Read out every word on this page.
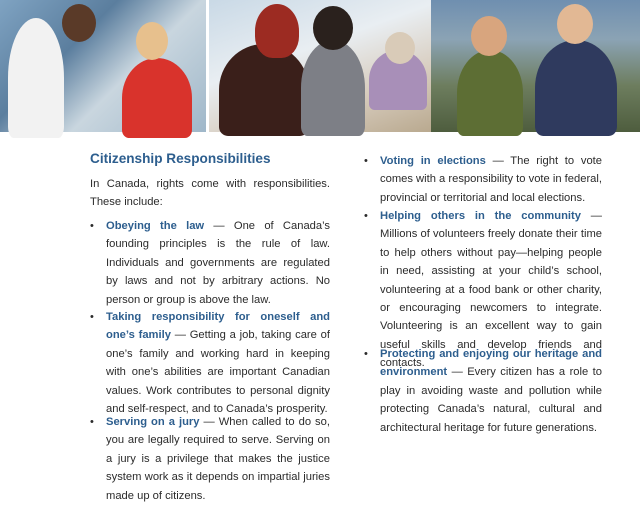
Citizenship Responsibilities
In Canada, rights come with responsibilities. These include:
•	Obeying the law — One of Canada’s founding principles is the rule of law. Individuals and governments are regulated by laws and not by arbitrary actions. No person or group is above the law.
•	Taking responsibility for oneself and one’s family — Getting a job, taking care of one’s family and working hard in keeping with one’s abilities are important Canadian values. Work contributes to personal dignity and self-respect, and to Canada’s prosperity.
•	Serving on a jury — When called to do so, you are legally required to serve. Serving on a jury is a privilege that makes the justice system work as it depends on impartial juries made up of citizens.
•	Voting in elections — The right to vote comes with a responsibility to vote in federal, provincial or territorial and local elections.
•	Helping others in the community — Millions of volunteers freely donate their time to help others without pay—helping people in need, assisting at your child’s school, volunteering at a food bank or other charity, or encouraging newcomers to integrate. Volunteering is an excellent way to gain useful skills and develop friends and contacts.
•	Protecting and enjoying our heritage and environment — Every citizen has a role to play in avoiding waste and pollution while protecting Canada’s natural, cultural and architectural heritage for future generations.
